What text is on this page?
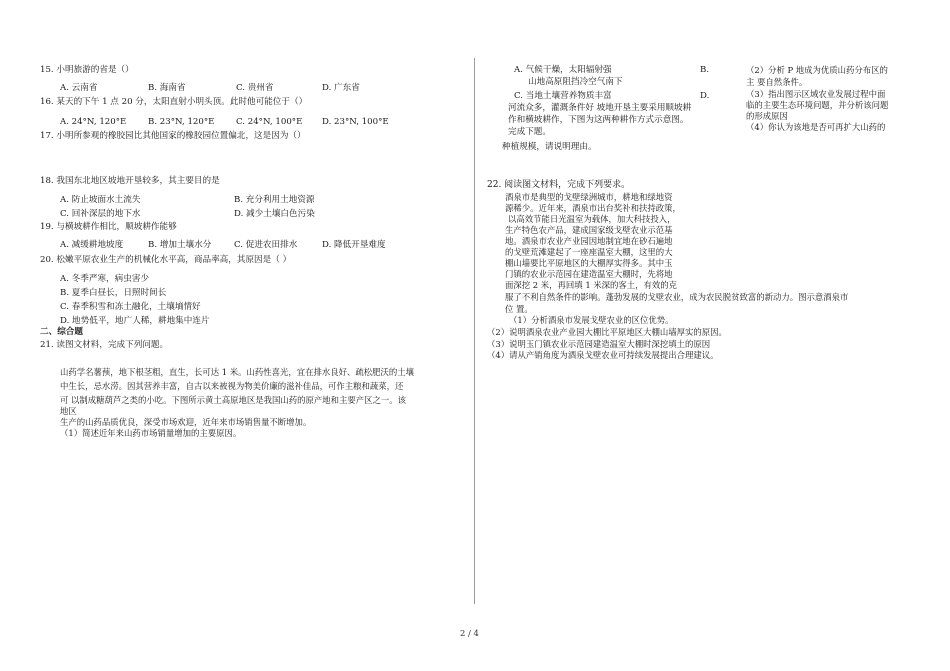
15. 小明旅游的省是（）
A. 云南省	B. 海南省	C. 贵州省	D. 广东省
16. 某天的下午 1 点 20 分，太阳直射小明头顶。此时他可能位于（）
A. 24°N, 120°E	B. 23°N, 120°E	C. 24°N, 100°E D. 23°N, 100°E
17. 小明所参观的橡胶园比其他国家的橡胶园位置偏北，这是因为（）
18. 我国东北地区坡地开垦较多，其主要目的是
A. 防止坡面水土流失	B. 充分利用土地资源
C. 回补深层的地下水	D. 减少土壤白色污染
19. 与横坡耕作相比，顺坡耕作能够
A. 减缓耕地坡度	B. 增加土壤水分	C. 促进农田排水	D. 降低开垦难度
20. 松嫩平原农业生产的机械化水平高，商品率高，其原因是（ ）
A. 冬季严寒，病虫害少
B. 夏季白昼长，日照时间长
C. 春季积雪和冻土融化，土壤墒情好
D. 地势低平，地广人稀，耕地集中连片
二、综合题
21. 读图文材料，完成下列问题。
山药学名薯蓣，地下根茎粗，直生，长可达 1 米。山药性喜光，宜在排水良好、疏松肥沃的土壤
中生长，忌水涝。因其营养丰富，自古以来被视为物美价廉的滋补佳品，可作主粮和蔬菜，还
可 以制成糖葫芦之类的小吃。下图所示黄土高原地区是我国山药的原产地和主要产区之一。该
地区
生产的山药品质优良，深受市场欢迎，近年来市场销售量不断增加。
（1）简述近年来山药市场销量增加的主要原因。
A. 气候干燥，太阳辐射强	B.
山地高原阻挡冷空气南下
C. 当地土壤营养物质丰富	D.
河流众多，灌溉条件好 坡地开垦主要采用顺坡耕
作和横坡耕作，下图为这两种耕作方式示意图。
完成下题。
种植规模，请说明理由。
（2）分析 P 地成为优质山药分布区的
主 要自然条件。
（3）指出图示区域农业发展过程中面
临的主要生态环境问题，并分析该问题
的形成原因
（4）你认为该地是否可再扩大山药的
22. 阅读图文材料，完成下列要求。
酒泉市是典型的戈壁绿洲城市，耕地和绿地资
源稀少。近年来，酒泉市出台奖补和扶持政策，
以高效节能日光温室为载体，加大科技投入，
生产特色农产品，建成国家级戈壁农业示范基
地。酒泉市农业产业园因地制宜地在砂石遍地
的戈壁荒滩建起了一座座温室大棚，这里的大
棚山墙要比平原地区的大棚厚实得多。其中玉
门镇的农业示范园在建造温室大棚时，先将地
面深挖 2 米，再回填 1 米深的客土，有效的克
服了不利自然条件的影响。蓬勃发展的戈壁农业，成为农民脱贫致富的新动力。图示意酒泉市
位 置。
（1）分析酒泉市发展戈壁农业的区位优势。
（2）说明酒泉农业产业园大棚比平原地区大棚山墙厚实的原因。
（3）说明玉门镇农业示范园建造温室大棚时深挖填土的原因
（4）请从产销角度为酒泉戈壁农业可持续发展提出合理建议。
2 / 4
